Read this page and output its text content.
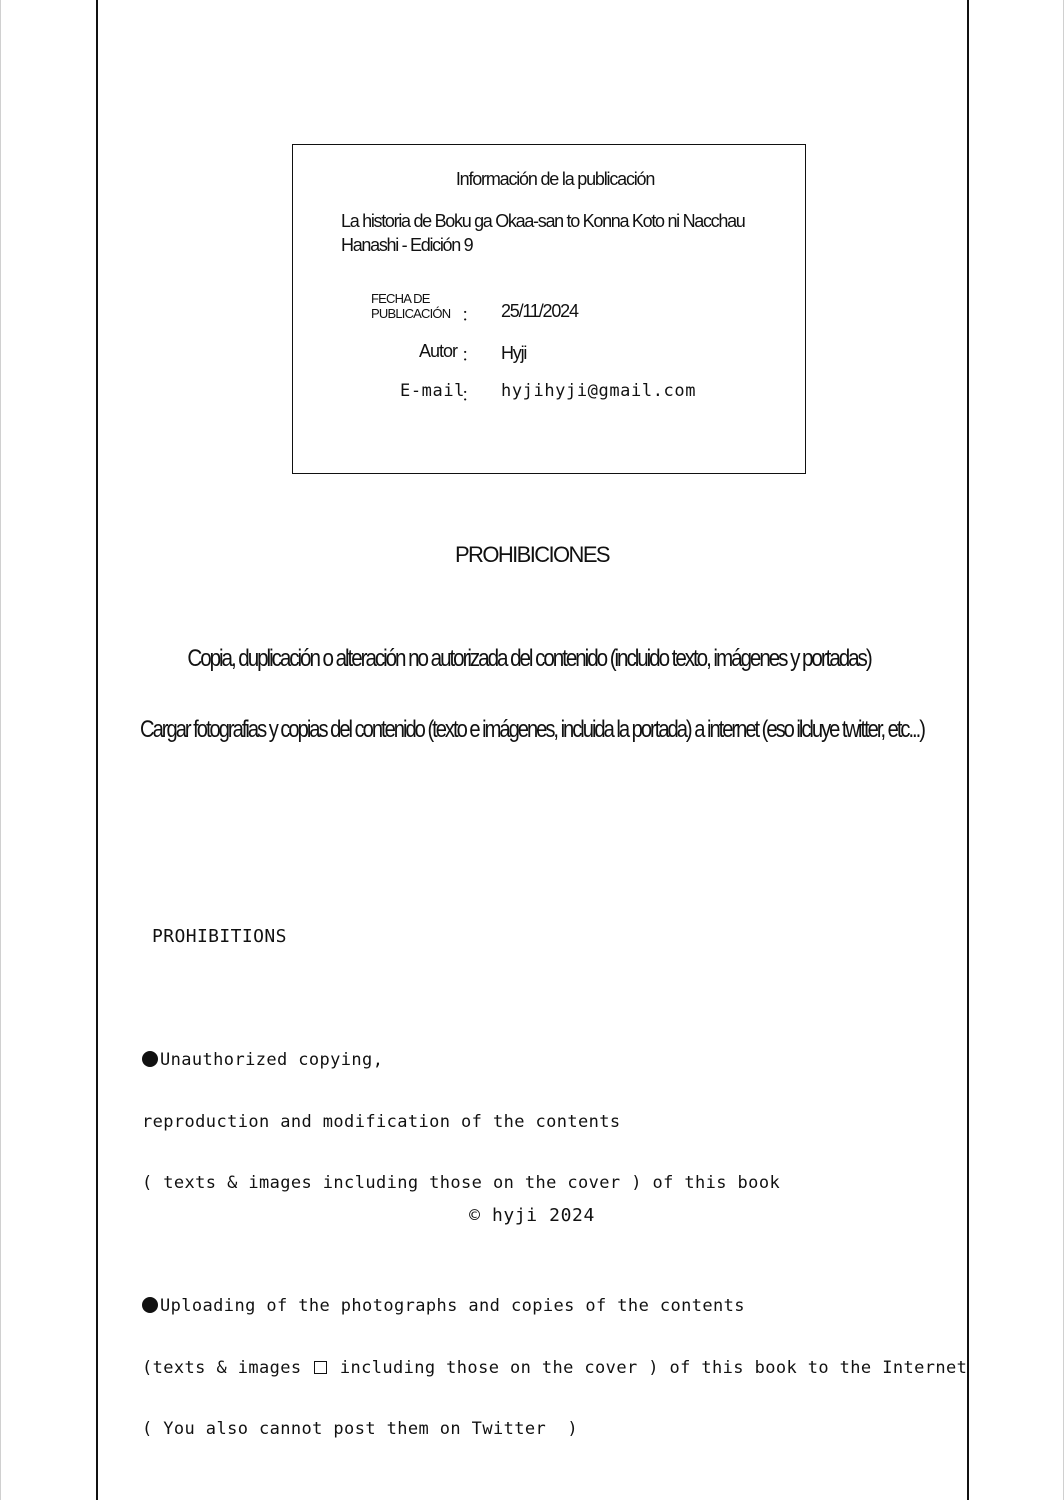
Información de la publicación
La historia de Boku ga Okaa-san to Konna Koto ni Nacchau
Hanashi - Edición 9
FECHA DE
PUBLICACIÓN ： 25/11/2024
Autor ： Hyji
E-mail
： hyjihyji@gmail.com
PROHIBICIONES
Copia, duplicación o alteración no autorizada del contenido (incluido texto, imágenes y portadas)
Cargar fotografias y copias del contenido (texto e imágenes, incluida la portada) a internet (eso ilcluye twitter, etc...)

PROHIBITIONS

Unauthorized copying,

reproduction and modification of the contents

( texts & images including those on the cover ) of this book

Uploading of the photographs and copies of the contents

(texts & images including those on the cover ) of this book to the Internet

( You also cannot post them on Twitter  )

© hyji 2024
